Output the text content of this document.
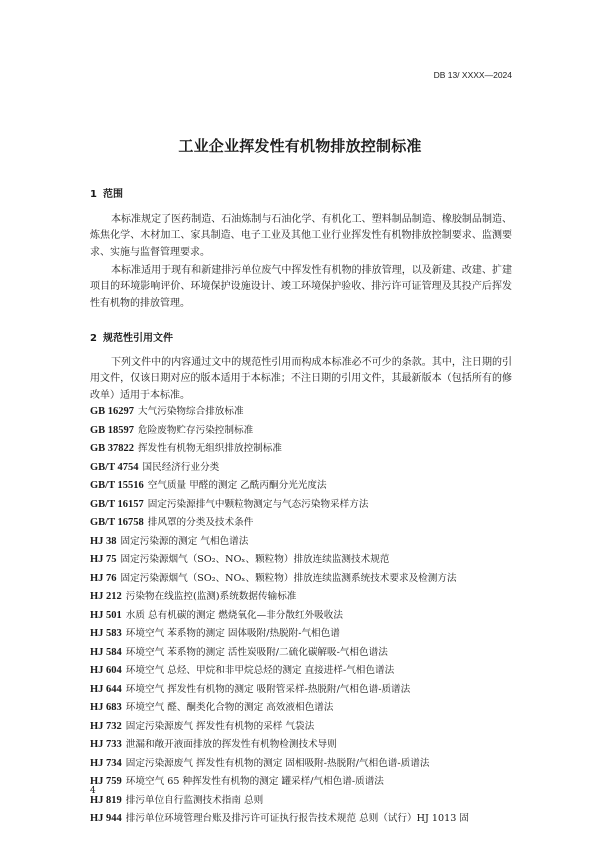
DB 13/ XXXX—2024
工业企业挥发性有机物排放控制标准
1 范围

本标准规定了医药制造、石油炼制与石油化学、有机化工、塑料制品制造、橡胶制品制造、炼焦化学、木材加工、家具制造、电子工业及其他工业行业挥发性有机物排放控制要求、监测要求、实施与监督管理要求。

本标准适用于现有和新建排污单位废气中挥发性有机物的排放管理，以及新建、改建、扩建项目的环境影响评价、环境保护设施设计、竣工环境保护验收、排污许可证管理及其投产后挥发性有机物的排放管理。

2 规范性引用文件

下列文件中的内容通过文中的规范性引用而构成本标准必不可少的条款。其中，注日期的引用文件，仅该日期对应的版本适用于本标准；不注日期的引用文件，其最新版本（包括所有的修改单）适用于本标准。

GB 16297 大气污染物综合排放标准
GB 18597 危险废物贮存污染控制标准
GB 37822 挥发性有机物无组织排放控制标准
GB/T 4754 国民经济行业分类
GB/T 15516 空气质量 甲醛的测定 乙酰丙酮分光光度法
GB/T 16157 固定污染源排气中颗粒物测定与气态污染物采样方法
GB/T 16758 排风罩的分类及技术条件
HJ 38 固定污染源的测定 气相色谱法
HJ 75 固定污染源烟气（SO₂、NOₓ、颗粒物）排放连续监测技术规范
HJ 76 固定污染源烟气（SO₂、NOₓ、颗粒物）排放连续监测系统技术要求及检测方法
HJ 212 污染物在线监控(监测)系统数据传输标准
HJ 501 水质 总有机碳的测定 燃烧氧化—非分散红外吸收法
HJ 583 环境空气 苯系物的测定 固体吸附/热脱附-气相色谱
HJ 584 环境空气 苯系物的测定 活性炭吸附/二硫化碳解吸-气相色谱法
HJ 604 环境空气 总烃、甲烷和非甲烷总烃的测定 直接进样-气相色谱法
HJ 644 环境空气 挥发性有机物的测定 吸附管采样-热脱附/气相色谱-质谱法
HJ 683 环境空气 醛、酮类化合物的测定 高效液相色谱法
HJ 732 固定污染源废气 挥发性有机物的采样 气袋法
HJ 733 泄漏和敞开液面排放的挥发性有机物检测技术导则
HJ 734 固定污染源废气 挥发性有机物的测定 固相吸附-热脱附/气相色谱-质谱法
HJ 759 环境空气 65 种挥发性有机物的测定 罐采样/气相色谱-质谱法
HJ 819 排污单位自行监测技术指南 总则
HJ 944 排污单位环境管理台账及排污许可证执行报告技术规范 总则（试行）HJ 1013 固
4
